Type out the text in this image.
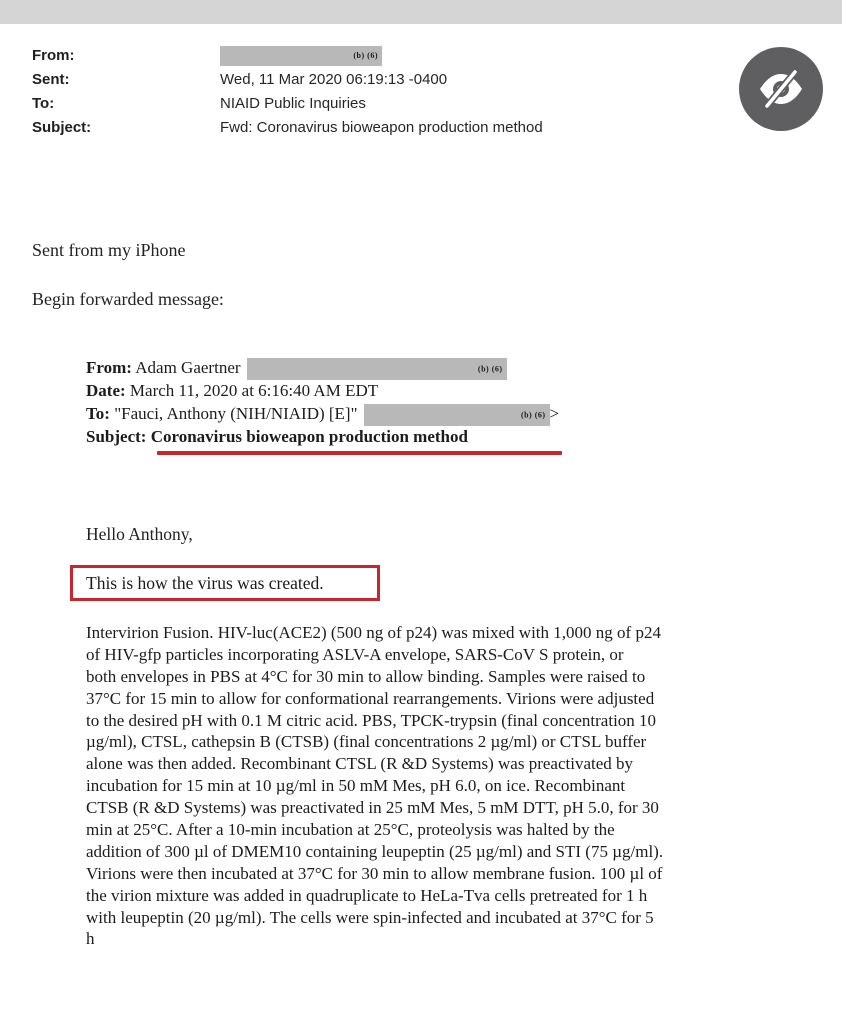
From:	(b) (6)
Sent:	Wed, 11 Mar 2020 06:19:13 -0400
To:	NIAID Public Inquiries
Subject:	Fwd: Coronavirus bioweapon production method
Sent from my iPhone
Begin forwarded message:
From: Adam Gaertner	(b) (6)
Date: March 11, 2020 at 6:16:40 AM EDT
To: "Fauci, Anthony (NIH/NIAID) [E]"	(b) (6) >
Subject: Coronavirus bioweapon production method
Hello Anthony,
This is how the virus was created.
Intervirion Fusion. HIV-luc(ACE2) (500 ng of p24) was mixed with 1,000 ng of p24
of HIV-gfp particles incorporating ASLV-A envelope, SARS-CoV S protein, or
both envelopes in PBS at 4°C for 30 min to allow binding. Samples were raised to
37°C for 15 min to allow for conformational rearrangements. Virions were adjusted
to the desired pH with 0.1 M citric acid. PBS, TPCK-trypsin (final concentration 10
µg/ml), CTSL, cathepsin B (CTSB) (final concentrations 2 µg/ml) or CTSL buffer
alone was then added. Recombinant CTSL (R &D Systems) was preactivated by
incubation for 15 min at 10 µg/ml in 50 mM Mes, pH 6.0, on ice. Recombinant
CTSB (R &D Systems) was preactivated in 25 mM Mes, 5 mM DTT, pH 5.0, for 30
min at 25°C. After a 10-min incubation at 25°C, proteolysis was halted by the
addition of 300 µl of DMEM10 containing leupeptin (25 µg/ml) and STI (75 µg/ml).
Virions were then incubated at 37°C for 30 min to allow membrane fusion. 100 µl of
the virion mixture was added in quadruplicate to HeLa-Tva cells pretreated for 1 h
with leupeptin (20 µg/ml). The cells were spin-infected and incubated at 37°C for 5
h
